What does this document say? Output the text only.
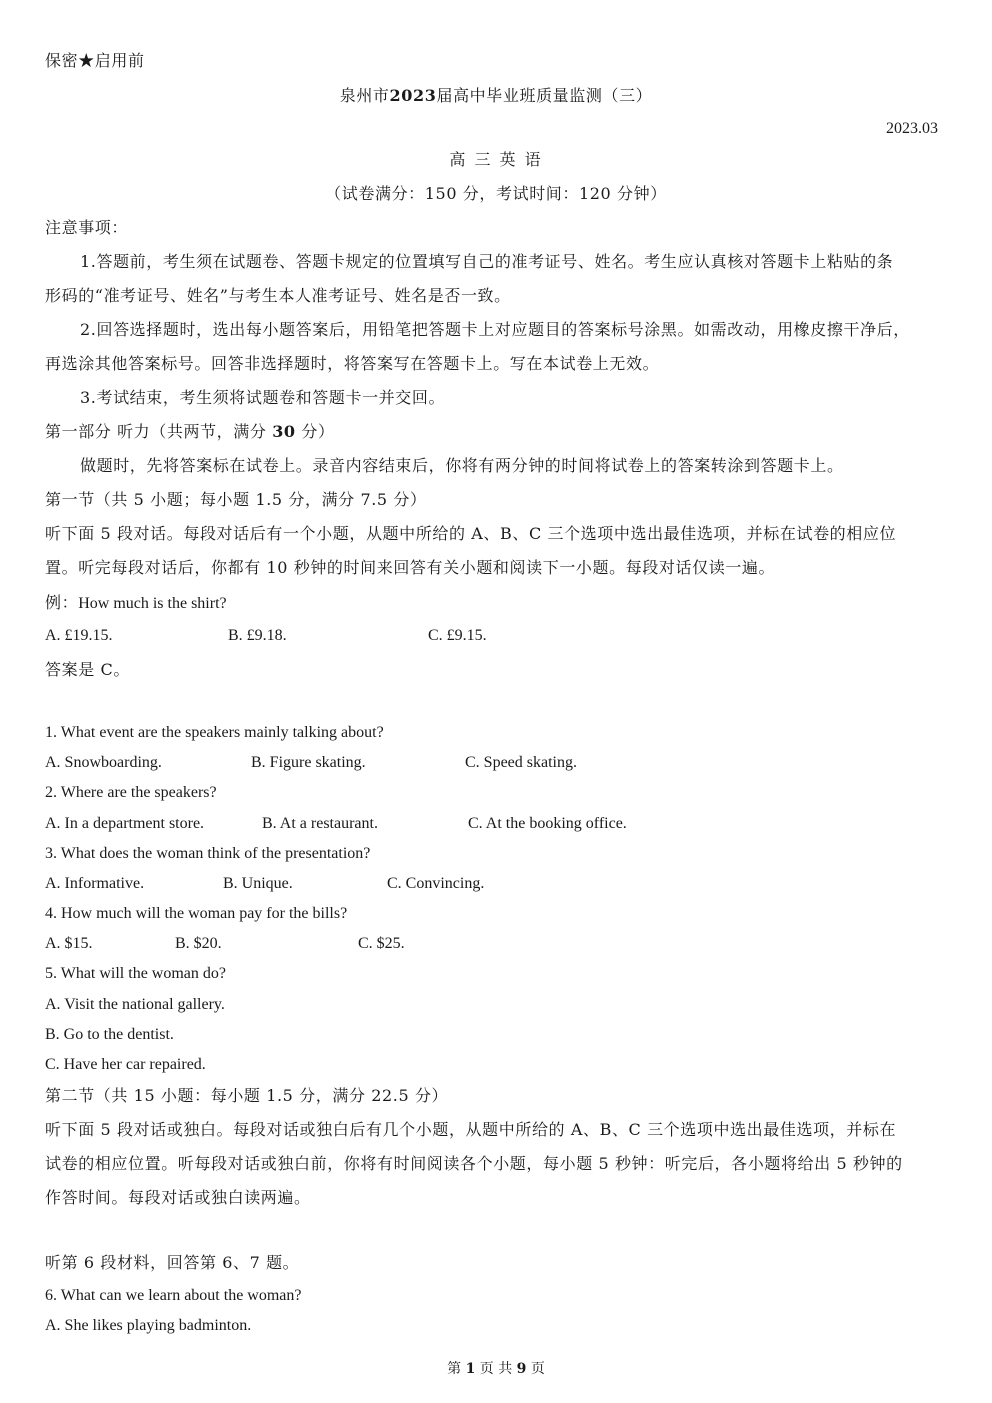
保密★启用前
泉州市2023届高中毕业班质量监测（三）
2023.03
高 三 英 语
（试卷满分：150 分，考试时间：120 分钟）
注意事项：
1.答题前，考生须在试题卷、答题卡规定的位置填写自己的准考证号、姓名。考生应认真核对答题卡上粘贴的条
形码的“准考证号、姓名”与考生本人准考证号、姓名是否一致。
2.回答选择题时，选出每小题答案后，用铅笔把答题卡上对应题目的答案标号涂黑。如需改动，用橡皮擦干净后，
再选涂其他答案标号。回答非选择题时，将答案写在答题卡上。写在本试卷上无效。
3.考试结束，考生须将试题卷和答题卡一并交回。
第一部分 听力（共两节，满分 30 分）
做题时，先将答案标在试卷上。录音内容结束后，你将有两分钟的时间将试卷上的答案转涂到答题卡上。
第一节（共 5 小题；每小题 1.5 分，满分 7.5 分）
听下面 5 段对话。每段对话后有一个小题，从题中所给的 A、B、C 三个选项中选出最佳选项，并标在试卷的相应位
置。听完每段对话后，你都有 10 秒钟的时间来回答有关小题和阅读下一小题。每段对话仅读一遍。
例：How much is the shirt?
A. £19.15.	B. £9.18.	C. £9.15.
答案是 C。
1. What event are the speakers mainly talking about?
A. Snowboarding.	B. Figure skating.	C. Speed skating.
2. Where are the speakers?
A. In a department store.	B. At a restaurant.	C. At the booking office.
3. What does the woman think of the presentation?
A. Informative.	B. Unique.	C. Convincing.
4. How much will the woman pay for the bills?
A. $15.	B. $20.	C. $25.
5. What will the woman do?
A. Visit the national gallery.
B. Go to the dentist.
C. Have her car repaired.
第二节（共 15 小题：每小题 1.5 分，满分 22.5 分）
听下面 5 段对话或独白。每段对话或独白后有几个小题，从题中所给的 A、B、C 三个选项中选出最佳选项，并标在
试卷的相应位置。听每段对话或独白前，你将有时间阅读各个小题，每小题 5 秒钟：听完后，各小题将给出 5 秒钟的
作答时间。每段对话或独白读两遍。
听第 6 段材料，回答第 6、7 题。
6. What can we learn about the woman?
A. She likes playing badminton.
第 1 页 共 9 页
